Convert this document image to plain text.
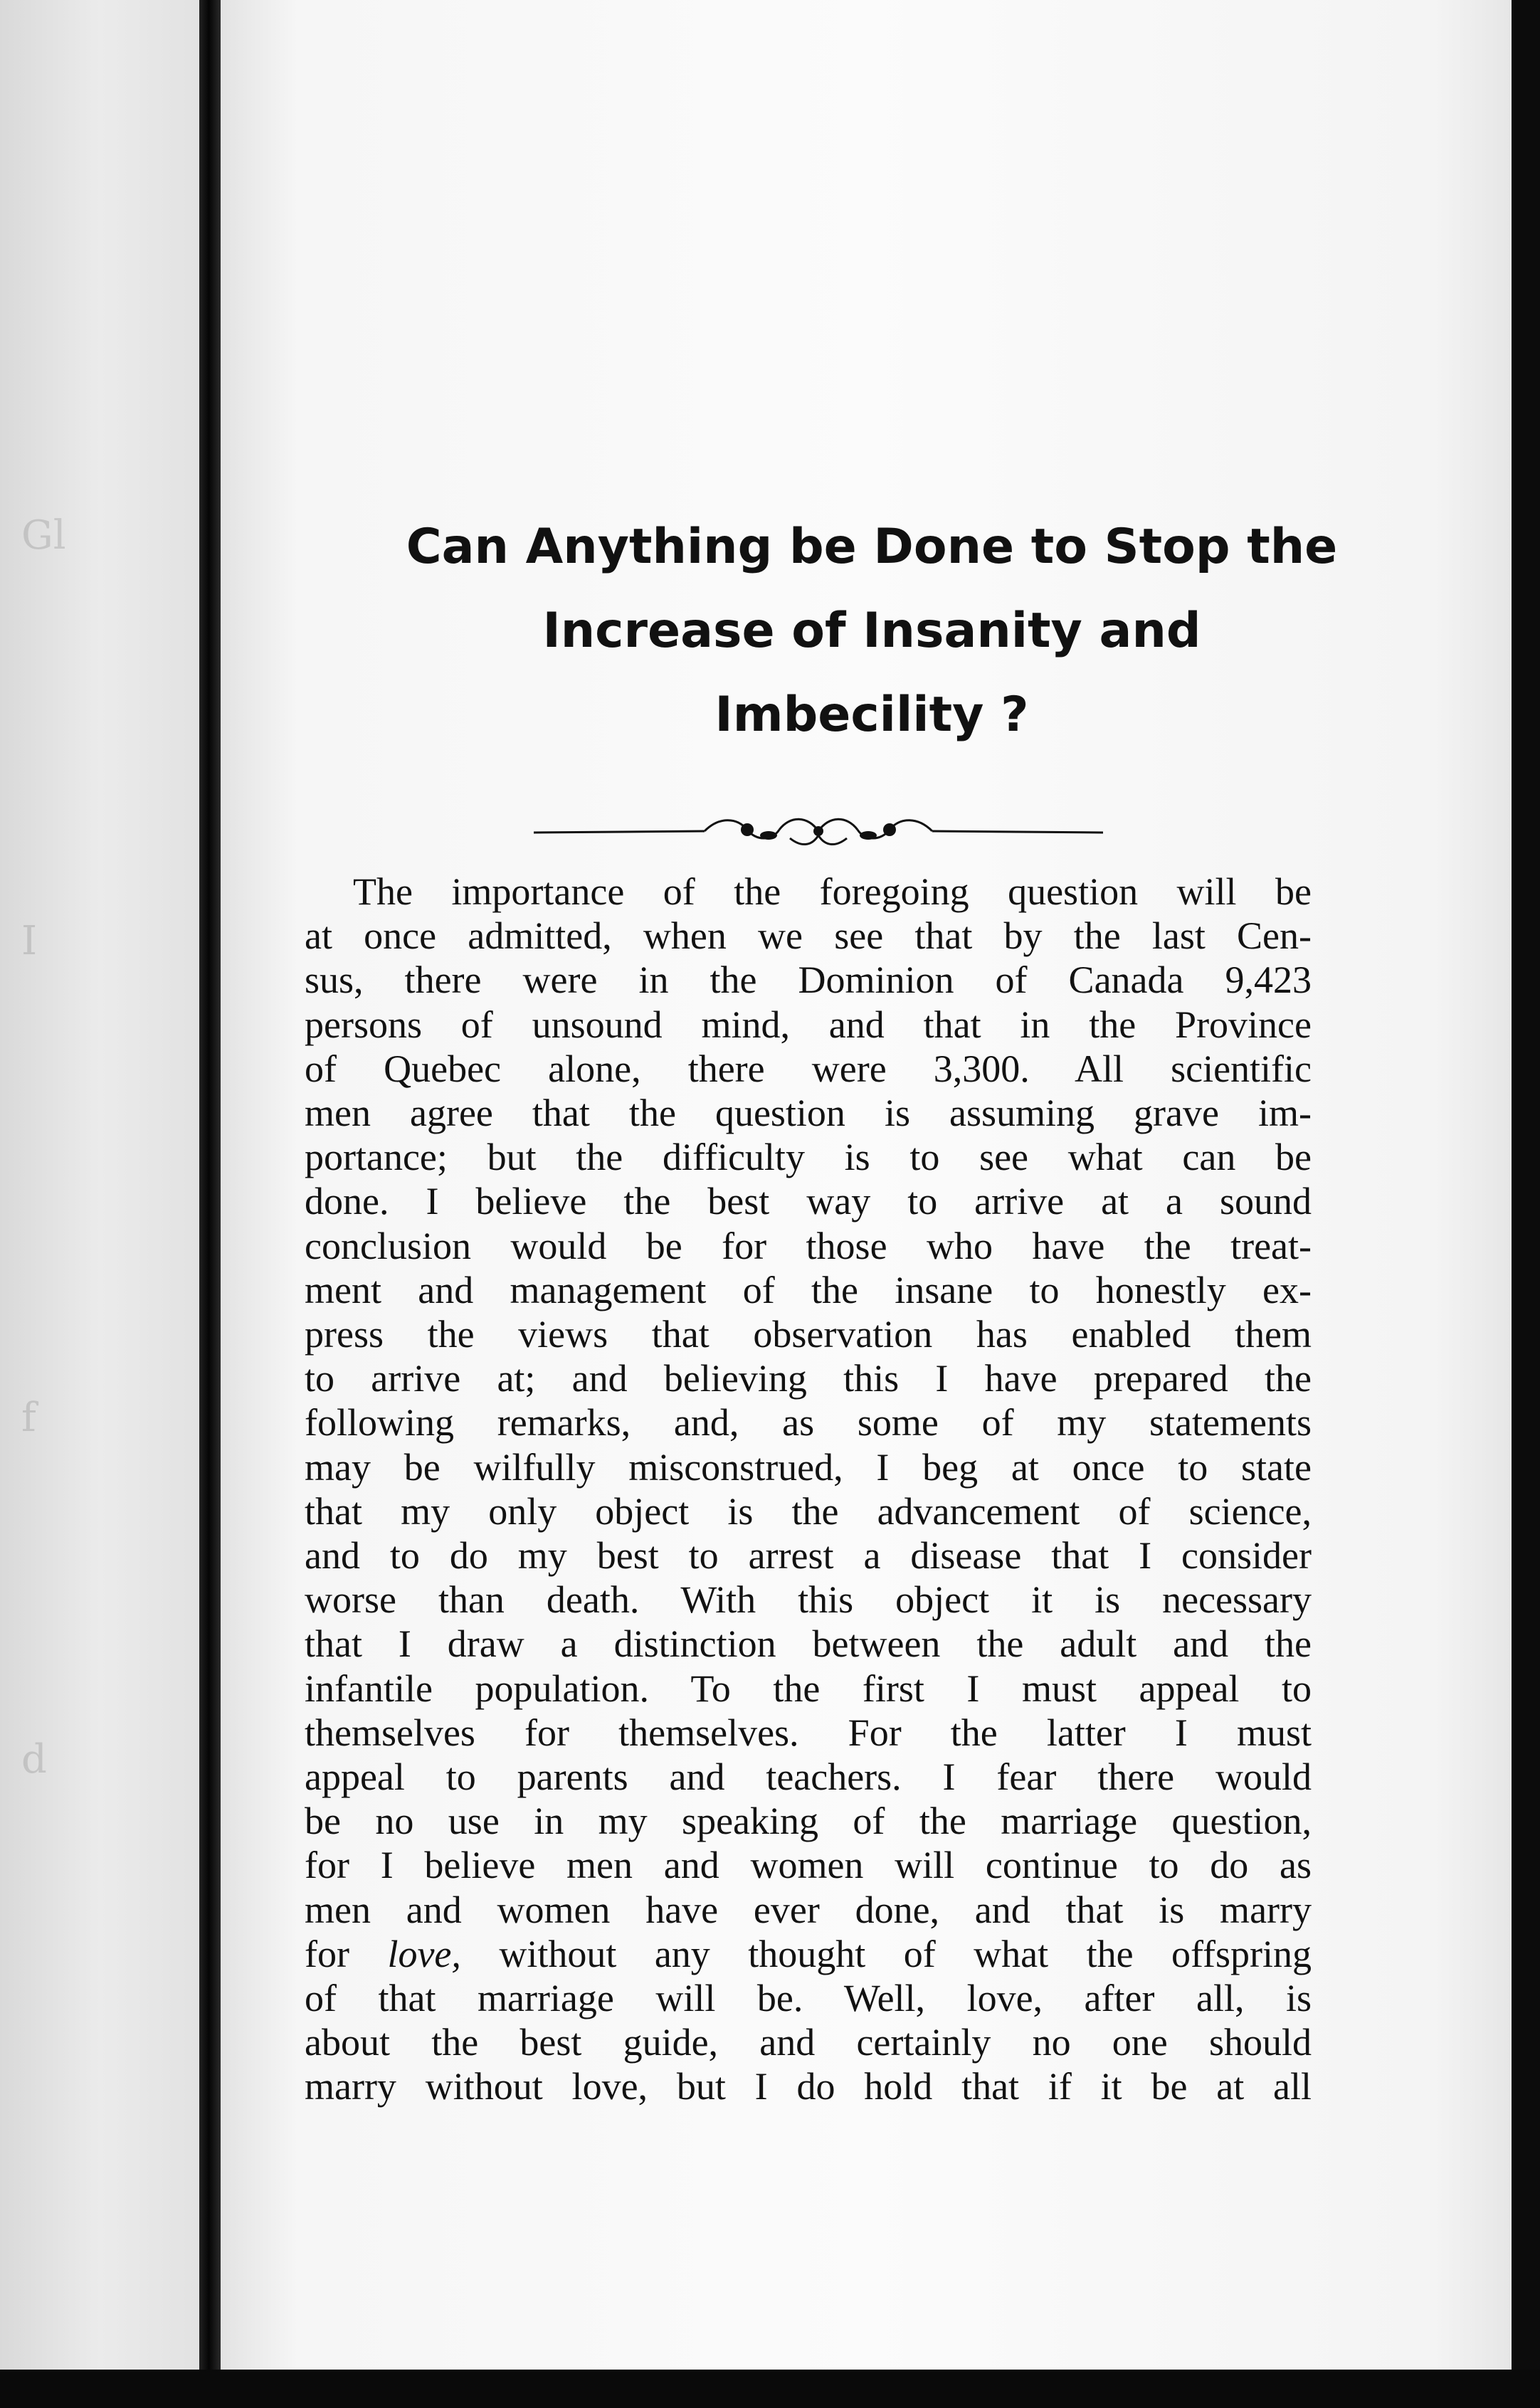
Gl
I
f
d

Can Anything be Done to Stop the
Increase of Insanity and
Imbecility ?
The importance of the foregoing question will be
at once admitted, when we see that by the last Cen-
sus, there were in the Dominion of Canada 9,423
persons of unsound mind, and that in the Province
of Quebec alone, there were 3,300. All scientific
men agree that the question is assuming grave im-
portance; but the difficulty is to see what can be
done. I believe the best way to arrive at a sound
conclusion would be for those who have the treat-
ment and management of the insane to honestly ex-
press the views that observation has enabled them
to arrive at; and believing this I have prepared the
following remarks, and, as some of my statements
may be wilfully misconstrued, I beg at once to state
that my only object is the advancement of science,
and to do my best to arrest a disease that I consider
worse than death. With this object it is necessary
that I draw a distinction between the adult and the
infantile population. To the first I must appeal to
themselves for themselves. For the latter I must
appeal to parents and teachers. I fear there would
be no use in my speaking of the marriage question,
for I believe men and women will continue to do as
men and women have ever done, and that is marry
for love, without any thought of what the offspring
of that marriage will be. Well, love, after all, is
about the best guide, and certainly no one should
marry without love, but I do hold that if it be at all
